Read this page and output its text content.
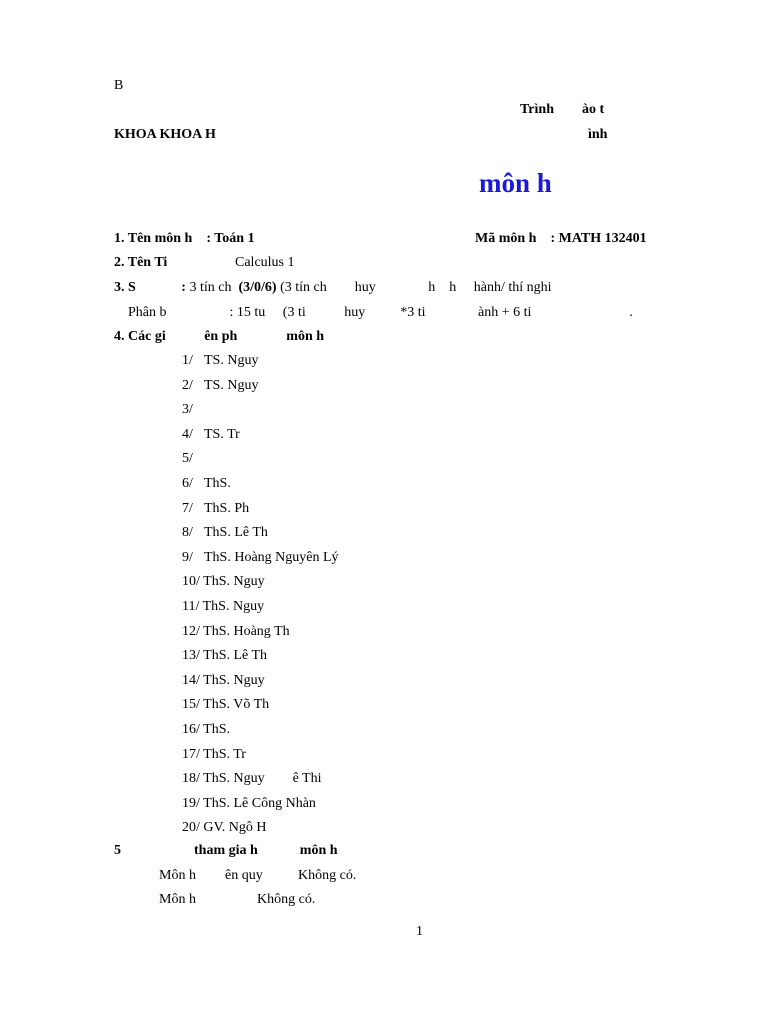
B
Trình        ào t
KHOA KHOA H	ình
môn h
1. Tên môn h    : Toán 1	Mã môn h    : MATH 132401
2. Tên Ti	Calculus 1
3. S	: 3 tín ch (3/0/6) (3 tín ch        huy               h    h     hành/ thí nghi
Phân b                  : 15 tu     (3 ti           huy          *3 ti               ành + 6 ti                            .
4. Các gi           ên ph              môn h
1/ TS. Nguy
2/ TS. Nguy
3/
4/ TS. Tr
5/
6/ ThS.
7/ ThS. Ph
8/ ThS. Lê Th
9/ ThS. Hoàng Nguyên Lý
10/ ThS. Nguy
11/ ThS. Nguy
12/ ThS. Hoàng Th
13/ ThS. Lê Th
14/ ThS. Nguy
15/ ThS. Võ Th
16/ ThS.
17/ ThS. Tr
18/ ThS. Nguy        ê Thi
19/ ThS. Lê Công Nhàn
20/ GV. Ngô H
5	tham gia h            môn h
Môn h ên quy	Không có.
Môn h	Không có.
1
